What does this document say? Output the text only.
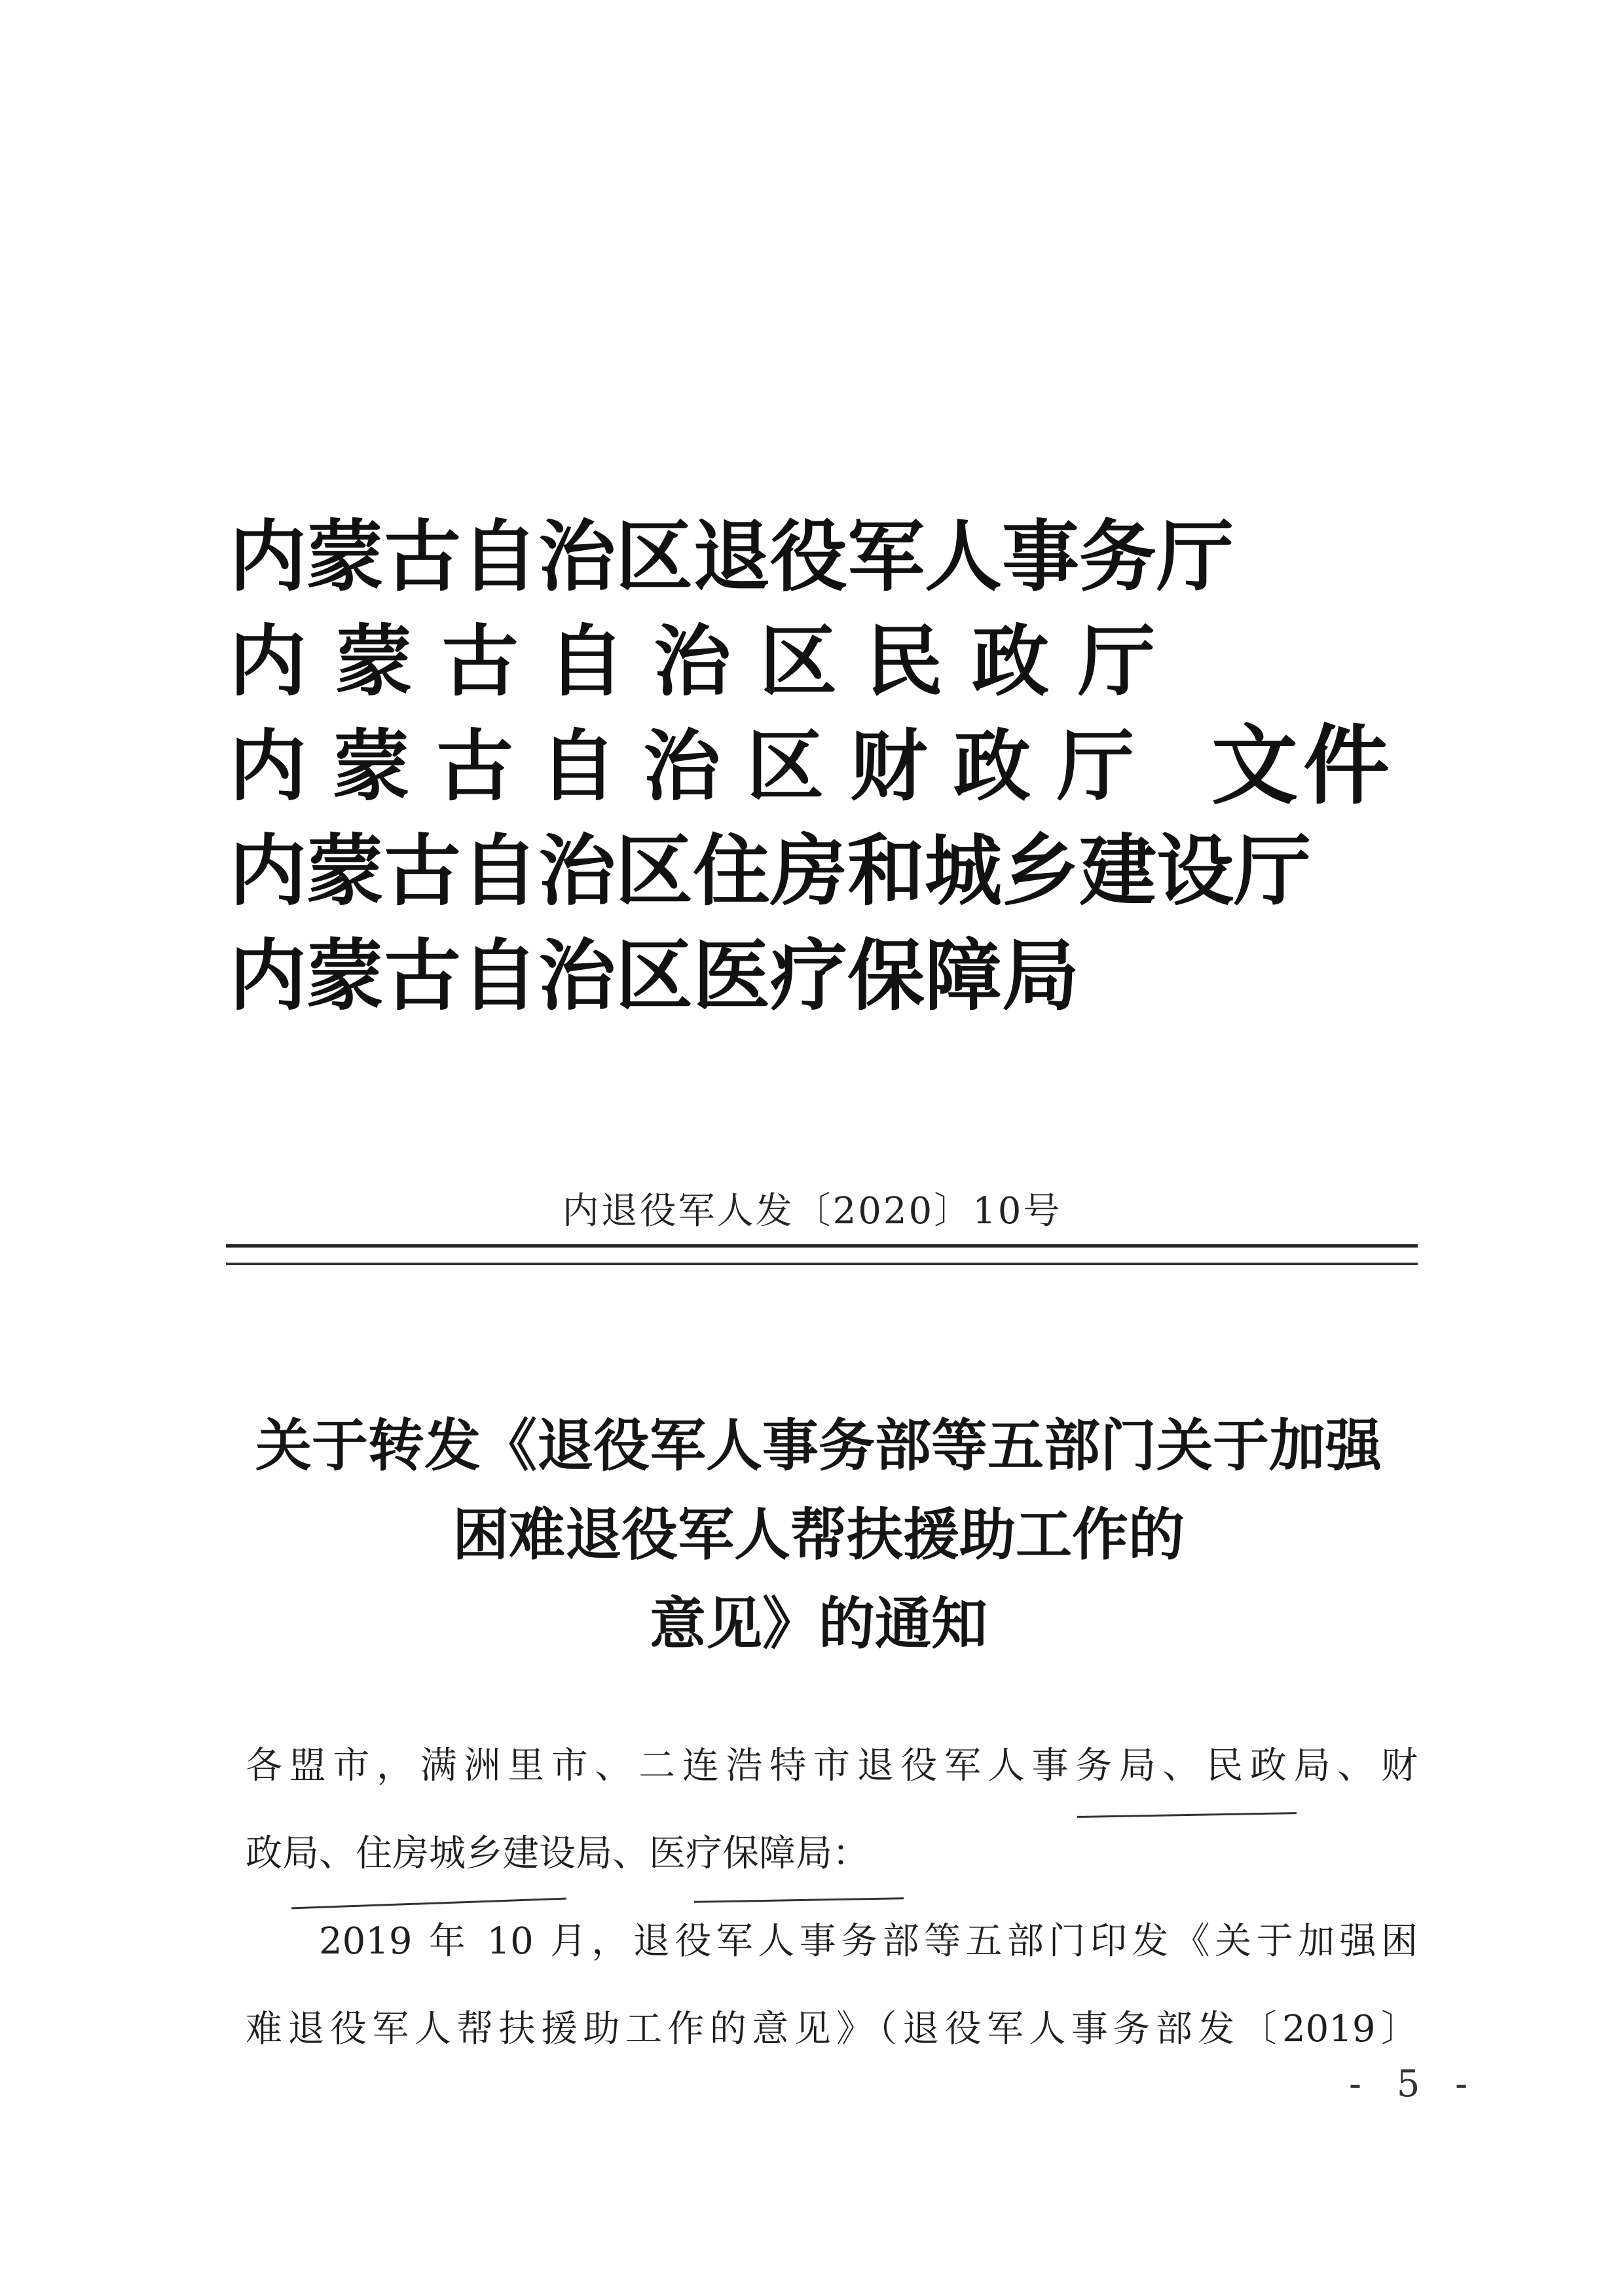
内蒙古自治区退役军人事务厅
内蒙古自治区民政厅
内蒙古自治区财政厅 文件
内蒙古自治区住房和城乡建设厅
内蒙古自治区医疗保障局
内退役军人发〔2020〕10号
关于转发《退役军人事务部等五部门关于加强
困难退役军人帮扶援助工作的
意见》的通知

各盟市，满洲里市、二连浩特市退役军人事务局、民政局、财

政局、住房城乡建设局、医疗保障局：

2019 年 10 月，退役军人事务部等五部门印发《关于加强困

难退役军人帮扶援助工作的意见》（退役军人事务部发〔2019〕

- 5 -
